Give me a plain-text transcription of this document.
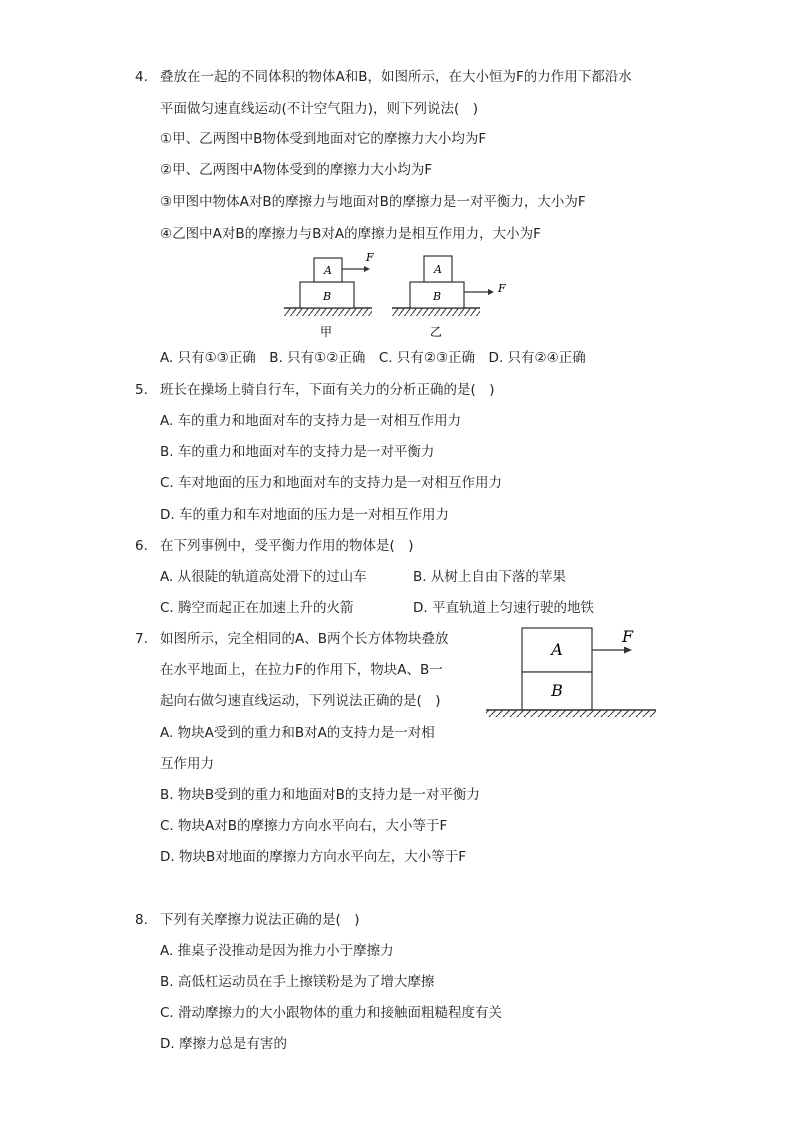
4. 叠放在一起的不同体积的物体A和B，如图所示，在大小恒为F的力作用下都沿水
平面做匀速直线运动(不计空气阻力)，则下列说法(　)
①甲、乙两图中B物体受到地面对它的摩擦力大小均为F
②甲、乙两图中A物体受到的摩擦力大小均为F
③甲图中物体A对B的摩擦力与地面对B的摩擦力是一对平衡力，大小为F
④乙图中A对B的摩擦力与B对A的摩擦力是相互作用力，大小为F
A
B
F
A
B
F
甲	乙
A. 只有①③正确　B. 只有①②正确　C. 只有②③正确　D. 只有②④正确
5. 班长在操场上骑自行车，下面有关力的分析正确的是(　)
A. 车的重力和地面对车的支持力是一对相互作用力
B. 车的重力和地面对车的支持力是一对平衡力
C. 车对地面的压力和地面对车的支持力是一对相互作用力
D. 车的重力和车对地面的压力是一对相互作用力
6. 在下列事例中，受平衡力作用的物体是(　)
A. 从很陡的轨道高处滑下的过山车	B. 从树上自由下落的苹果
C. 腾空而起正在加速上升的火箭	D. 平直轨道上匀速行驶的地铁
7. 如图所示，完全相同的A、B两个长方体物块叠放
在水平地面上，在拉力F的作用下，物块A、B一
起向右做匀速直线运动，下列说法正确的是(　)
A. 物块A受到的重力和B对A的支持力是一对相
互作用力
B. 物块B受到的重力和地面对B的支持力是一对平衡力
C. 物块A对B的摩擦力方向水平向右，大小等于F
D. 物块B对地面的摩擦力方向水平向左，大小等于F
A
B
F
8. 下列有关摩擦力说法正确的是(　)
A. 推桌子没推动是因为推力小于摩擦力
B. 高低杠运动员在手上擦镁粉是为了增大摩擦
C. 滑动摩擦力的大小跟物体的重力和接触面粗糙程度有关
D. 摩擦力总是有害的
